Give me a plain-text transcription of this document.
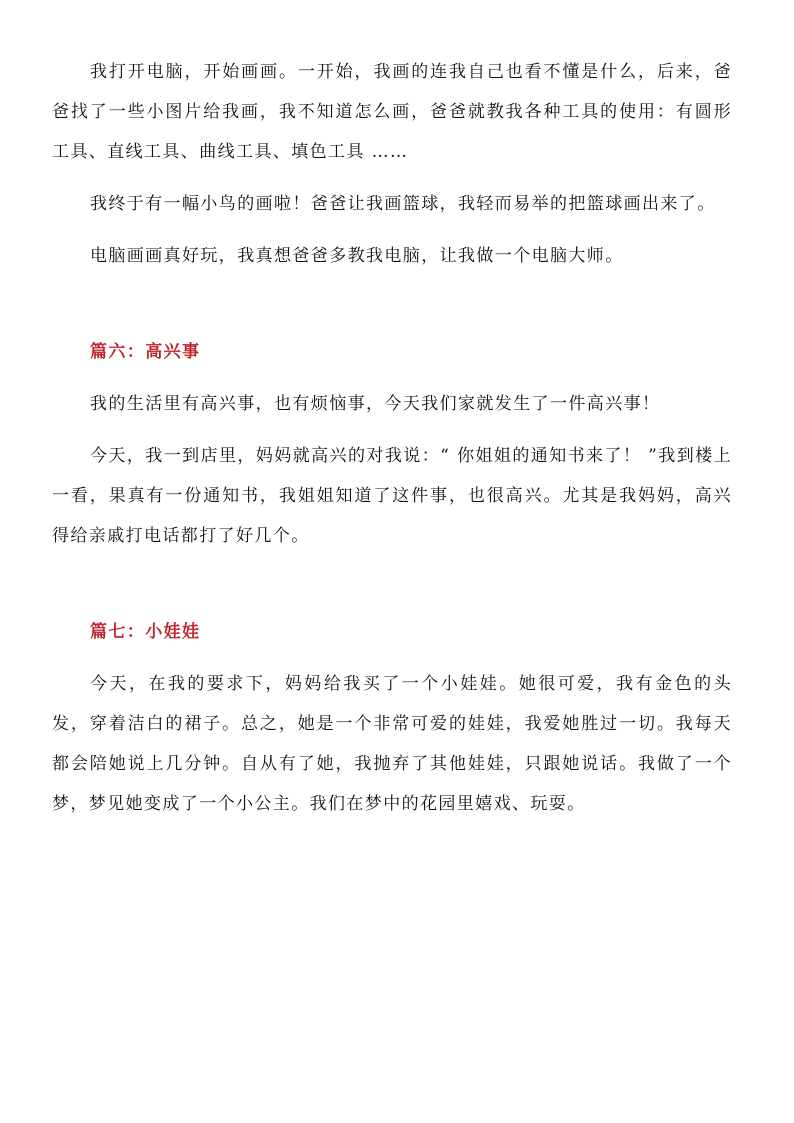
我打开电脑，开始画画。一开始，我画的连我自己也看不懂是什么，后来，爸爸找了一些小图片给我画，我不知道怎么画，爸爸就教我各种工具的使用：有圆形工具、直线工具、曲线工具、填色工具 ……

我终于有一幅小鸟的画啦！爸爸让我画篮球，我轻而易举的把篮球画出来了。

电脑画画真好玩，我真想爸爸多教我电脑，让我做一个电脑大师。

篇六：高兴事

我的生活里有高兴事，也有烦恼事，今天我们家就发生了一件高兴事！

今天，我一到店里，妈妈就高兴的对我说：“ 你姐姐的通知书来了！ ”我到楼上一看，果真有一份通知书，我姐姐知道了这件事，也很高兴。尤其是我妈妈，高兴得给亲戚打电话都打了好几个。

篇七：小娃娃

今天，在我的要求下，妈妈给我买了一个小娃娃。她很可爱，我有金色的头发，穿着洁白的裙子。总之，她是一个非常可爱的娃娃，我爱她胜过一切。我每天都会陪她说上几分钟。自从有了她，我抛弃了其他娃娃，只跟她说话。我做了一个梦，梦见她变成了一个小公主。我们在梦中的花园里嬉戏、玩耍。
